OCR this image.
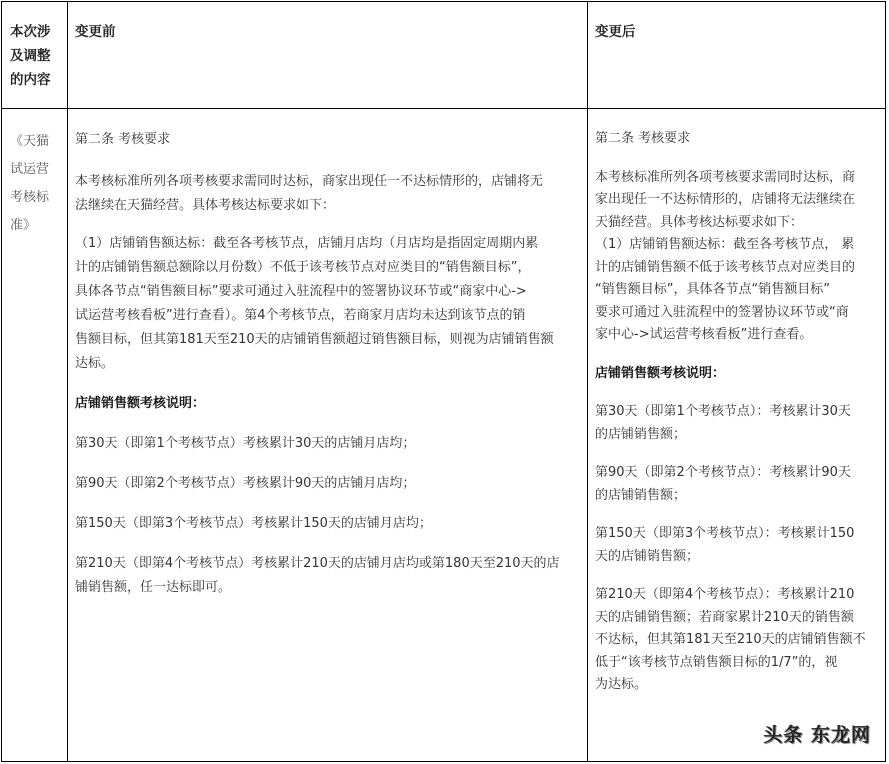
本次涉
及调整
的内容
变更前	变更后
《天猫
试运营
考核标
准》

第二条 考核要求

本考核标准所列各项考核要求需同时达标，商家出现任一不达标情形的，店铺将无

法继续在天猫经营。具体考核达标要求如下：

（1）店铺销售额达标：截至各考核节点，店铺月店均（月店均是指固定周期内累

计的店铺销售额总额除以月份数）不低于该考核节点对应类目的“销售额目标”，

具体各节点“销售额目标”要求可通过入驻流程中的签署协议环节或“商家中心->

试运营考核看板”进行查看）。第4个考核节点，若商家月店均未达到该节点的销

售额目标，但其第181天至210天的店铺销售额超过销售额目标，则视为店铺销售额

达标。

店铺销售额考核说明：

第30天（即第1个考核节点）考核累计30天的店铺月店均；

第90天（即第2个考核节点）考核累计90天的店铺月店均；

第150天（即第3个考核节点）考核累计150天的店铺月店均；

第210天（即第4个考核节点）考核累计210天的店铺月店均或第180天至210天的店

铺销售额，任一达标即可。

第二条 考核要求

本考核标准所列各项考核要求需同时达标，商

家出现任一不达标情形的，店铺将无法继续在

天猫经营。具体考核达标要求如下：

（1）店铺销售额达标：截至各考核节点， 累

计的店铺销售额不低于该考核节点对应类目的

“销售额目标”，具体各节点“销售额目标”

要求可通过入驻流程中的签署协议环节或“商

家中心->试运营考核看板”进行查看。

店铺销售额考核说明：

第30天（即第1个考核节点）：考核累计30天

的店铺销售额；

第90天（即第2个考核节点）：考核累计90天

的店铺销售额；

第150天（即第3个考核节点）：考核累计150

天的店铺销售额；

第210天（即第4个考核节点）：考核累计210

天的店铺销售额；若商家累计210天的销售额

不达标，但其第181天至210天的店铺销售额不

低于“该考核节点销售额目标的1/7”的，视

为达标。

头条 东龙网
